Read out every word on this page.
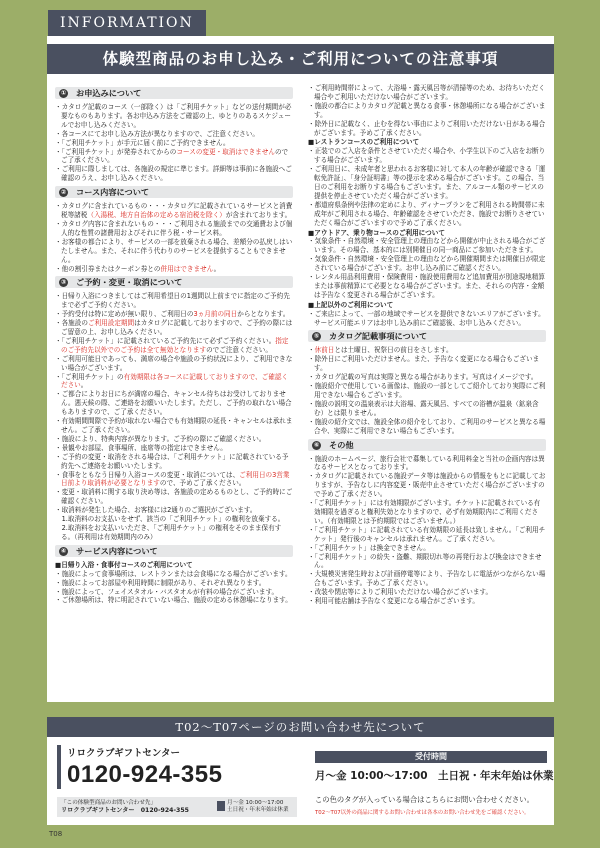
INFORMATION
体験型商品のお申し込み・ご利用についての注意事項
① お申込みについて
・カタログ記載のコース（一部除く）は「ご利用チケット」などの送付期間が必要なものもあります。各お申込み方法をご確認の上、ゆとりのあるスケジュールでお申し込みください。
・各コースにてお申し込み方法が異なりますので、ご注意ください。
・「ご利用チケット」が手元に届く前にご予約できません。
・「ご利用チケット」が発券されてからのコースの変更・取消はできませんのでご了承ください。
・ご利用に際しましては、各施設の規定に準じます。詳細等は事前に各施設へご確認のうえ、お申し込みください。
② コース内容について
・カタログに含まれているもの・・・カタログに記載されているサービスと消費税等諸税（入湯税、地方自治体の定める宿泊税を除く）が含まれております。
・カタログ内容に含まれないもの・・・ご利用される施設までの交通費および個人的な性質の諸費用およびそれに伴う税・サービス料。
・お客様の都合により、サービスの一部を放棄される場合、差額分の払戻しはいたしません。また、それに伴う代わりのサービスを提供することもできません。
・他の割引券またはクーポン券との併用はできません。
③ ご予約・変更・取消について
・日帰り入浴につきましてはご利用希望日の1週間以上前までに指定のご予約先まで必ずご予約ください。
・予約受付は特に定めが無い限り、ご利用日の3ヵ月前の同日からとなります。
・各施設のご利用設定期間はカタログに記載しておりますので、ご予約の際にはご留意の上、お申し込みください。
・「ご利用チケット」に記載されているご予約先にて必ずご予約ください。指定のご予約先以外でのご予約は全て無効となりますのでご注意ください。
・ご利用可能日であっても、満席の場合や施設の予約状況により、ご利用できない場合がございます。
・「ご利用チケット」の有効期限は各コースに記載しておりますので、ご確認ください。
・ご都合によりお日にちが満席の場合、キャンセル待ちはお受けしておりません。悪天候の際、ご連絡をお願いいたします。ただし、ご予約の取れない場合もありますので、ご了承ください。
・有効期間間際で予約が取れない場合でも有効期限の延長・キャンセルは承れません。ご了承ください。
・施設により、特典内容が異なります。ご予約の際にご確認ください。
・景観やお部屋、食事場所、座席等の指定はできません。
・ご予約の変更・取消をされる場合は、「ご利用チケット」に記載されている予約先へご連絡をお願いいたします。
・食事をともなう日帰り入浴コースの変更・取消については、ご利用日の3営業日前より取消料が必要となりますので、予めご了承ください。
・変更・取消料に関する取り決め等は、各施設の定めるものとし、ご予約時にご確認ください。
・取消料が発生した場合、お客様には2通りのご選択がございます。
　1.取消料のお支払いをせず、該当の「ご利用チケット」の権利を放棄する。
　2.取消料をお支払いいただき、「ご利用チケット」の権利をそのまま保有する。（再利用は有効期間内のみ）
④ サービス内容について
■日帰り入浴・食事付コースのご利用について
・施設によって食事場所は、レストランまたは会食場になる場合がございます。
・施設によってお部屋や利用時間に制限があり、それぞれ異なります。
・施設によって、フェイスタオル・バスタオルが有料の場合がございます。
・ご休憩場所は、特に明記されていない場合、施設の定める休憩場になります。
・ご利用時間帯によって、大浴場・露天風呂等が清掃等のため、お待ちいただく場合やご利用いただけない場合がございます。
・施設の都合によりカタログ記載と異なる食事・休憩場所になる場合がございます。
・除外日に記載なく、止むを得ない事由によりご利用いただけない日がある場合がございます。予めご了承ください。
■レストランコースのご利用について
・正装でのご入店を条件とさせていただく場合や、小学生以下のご入店をお断りする場合がございます。
・ご利用日に、未成年者と思われるお客様に対して本人の年齢が確認できる「運転免許証」、「身分証明書」等の提示を求める場合がございます。この場合、当日のご利用をお断りする場合もございます。また、アルコール類のサービスの提供を停止させていただく場合がございます。
・都道府県条例や法律の定めにより、ディナープランをご利用される時間帯に未成年がご利用される場合、年齢確認をさせていただき、施設でお断りさせていただく場合がございますので予めご了承ください。
■アウトドア、乗り物コースのご利用について
・気象条件・自然環境・安全管理上の理由などから開催が中止される場合がございます。その場合、基本的には別開催日の同一商品にご参加いただきます。
・気象条件・自然環境・安全管理上の理由などから開催期間または開催日が限定されている場合がございます。お申し込み前にご確認ください。
・レンタル用品利用費用・保険費用・施設使用費用など追加費用が別途現地精算または事前精算にて必要となる場合がございます。また、それらの内容・金額は予告なく変更される場合がございます。
■上記以外のご利用について
・ご来店によって、一部の地域でサービスを提供できないエリアがございます。サービス可能エリアはお申し込み前にご確認後、お申し込みください。
⑤ カタログ記載事項について
・休前日とは土曜日、祝祭日の前日をさします。
・除外日にご利用いただけません。また、予告なく変更になる場合もございます。
・カタログ記載の写真は実際と異なる場合があります。写真はイメージです。
・施設紹介で使用している画像は、施設の一部としてご紹介しており実際にご利用できない場合もございます。
・施設の説明文の温泉表示は大浴場、露天風呂、すべての浴槽が温泉（鉱泉含む）とは限りません。
・施設の紹介文では、施設全体の紹介をしており、ご利用のサービスと異なる場合や、実際にご利用できない場合もございます。
⑥ その他
・施設のホームページ、旅行会社で募集している利用料金と当社の企画内容は異なるサービスとなっております。
・カタログに記載されている施設データ等は施設からの情報をもとに記載しておりますが、予告なしに内容変更・販売中止させていただく場合がございますので予めご了承ください。
・「ご利用チケット」には有効期限がございます。チケットに記載されている有効期限を過ぎると権利失効となりますので、必ず有効期限内にご利用ください。（有効期限とは予約期限ではございません。）
・「ご利用チケット」に記載されている有効期限の延長は致しません。「ご利用チケット」発行後のキャンセルは承れません。ご了承ください。
・「ご利用チケット」は換金できません。
・「ご利用チケット」の紛失・盗難、期限切れ等の再発行および換金はできません。
・大規模災害発生時および計画停電等により、予告なしに電話がつながらない場合もございます。予めご了承ください。
・改装や閉店等によりご利用いただけない場合がございます。
・利用可能店舗は予告なく変更になる場合がございます。
T02〜T07ページのお問い合わせ先について
リロクラブギフトセンター
0120-924-355
受付時間
月〜金 10:00〜17:00　 土日祝・年末年始は休業
「この体験型商品のお問い合わせ先」
リロクラブギフトセンター　0120-924-355
月〜金 10:00〜17:00
土日祝・年末年始は休業
この色のタグが入っている場合はこちらにお問い合わせください。
T02〜T07以外の商品に関するお問い合わせは各本のお問い合わせ先をご確認ください。
T08
